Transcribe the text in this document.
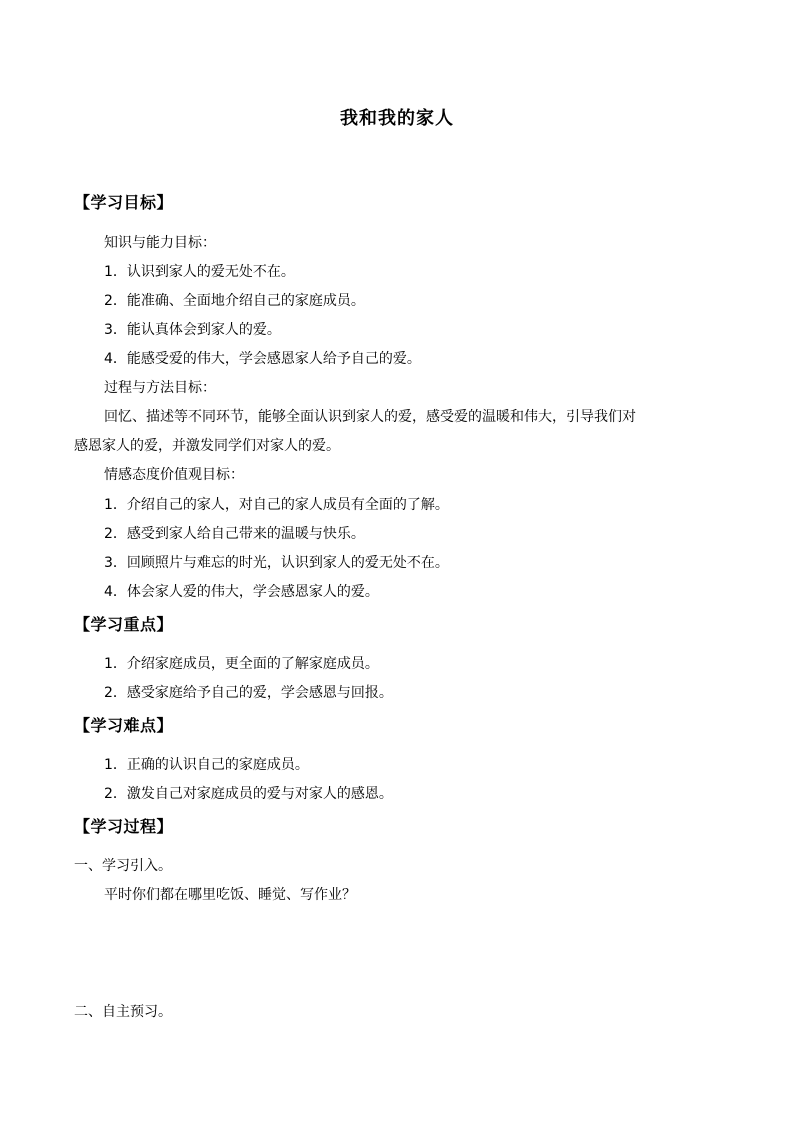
我和我的家人
【学习目标】
知识与能力目标：
1．认识到家人的爱无处不在。
2．能准确、全面地介绍自己的家庭成员。
3．能认真体会到家人的爱。
4．能感受爱的伟大，学会感恩家人给予自己的爱。
过程与方法目标：
回忆、描述等不同环节，能够全面认识到家人的爱，感受爱的温暖和伟大，引导我们对
感恩家人的爱，并激发同学们对家人的爱。
情感态度价值观目标：
1．介绍自己的家人，对自己的家人成员有全面的了解。
2．感受到家人给自己带来的温暖与快乐。
3．回顾照片与难忘的时光，认识到家人的爱无处不在。
4．体会家人爱的伟大，学会感恩家人的爱。
【学习重点】
1．介绍家庭成员，更全面的了解家庭成员。
2．感受家庭给予自己的爱，学会感恩与回报。
【学习难点】
1．正确的认识自己的家庭成员。
2．激发自己对家庭成员的爱与对家人的感恩。
【学习过程】
一、学习引入。
平时你们都在哪里吃饭、睡觉、写作业？
二、自主预习。
